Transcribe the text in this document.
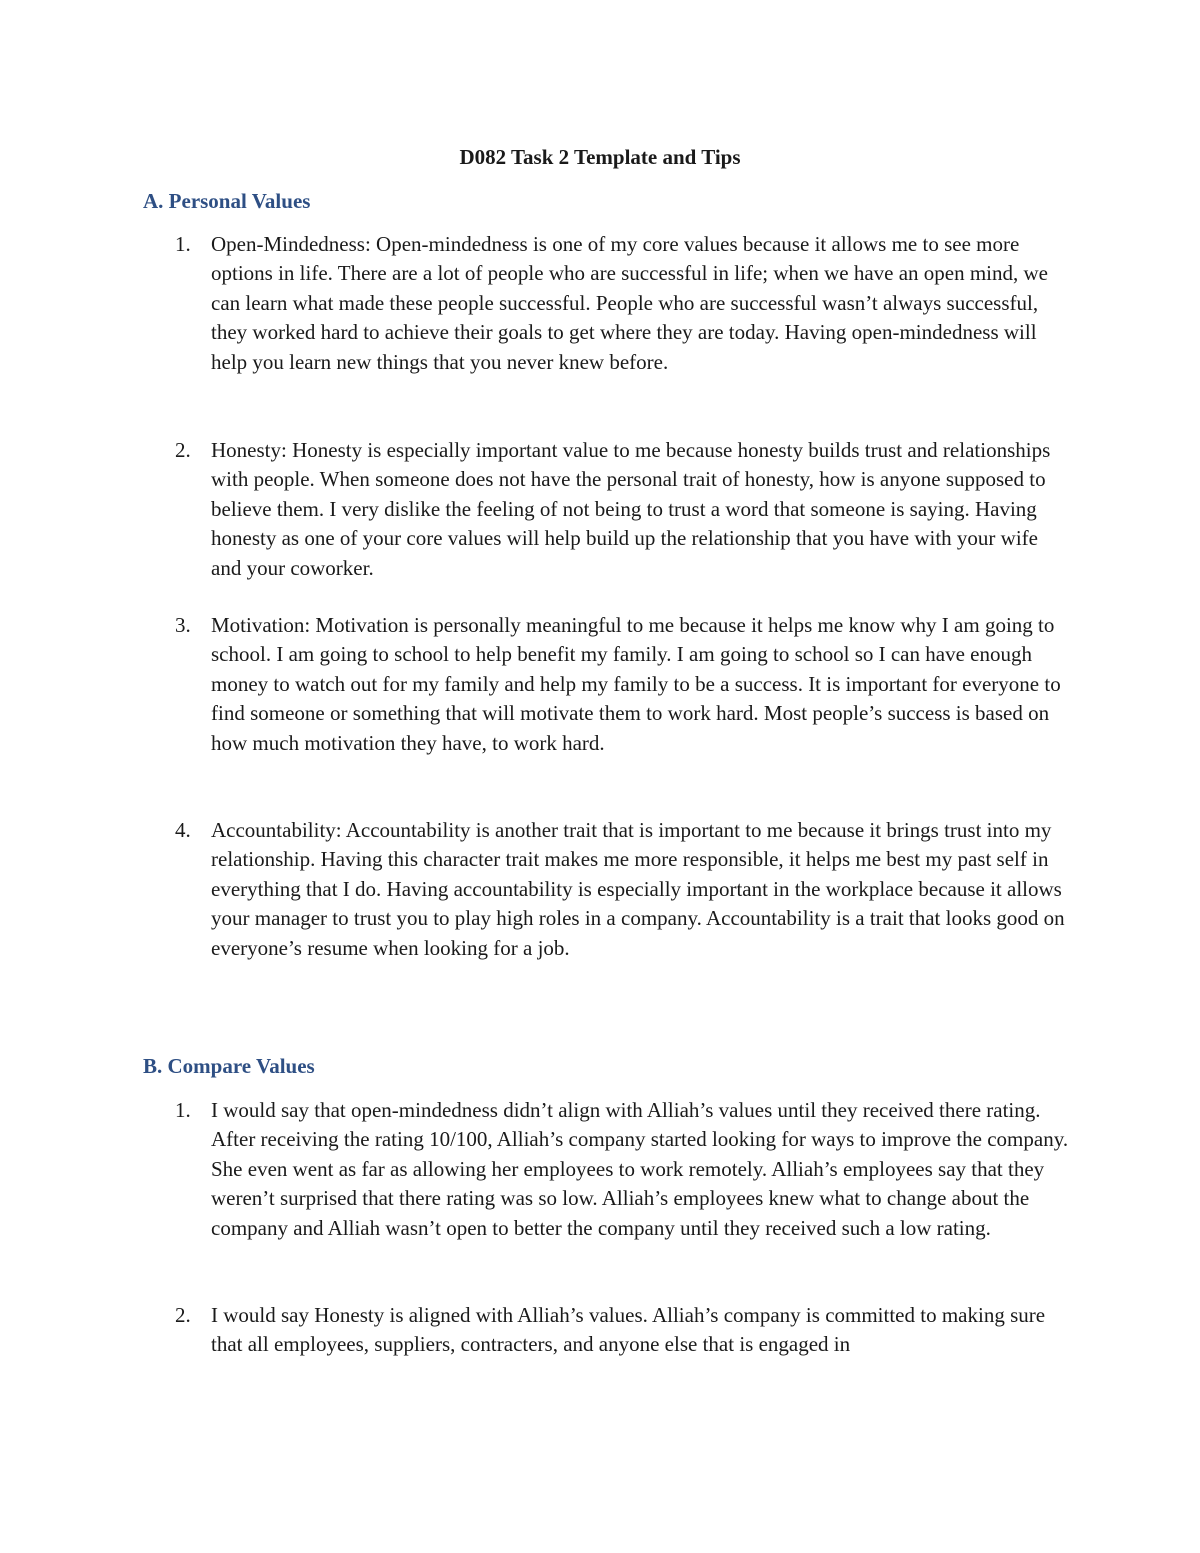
D082 Task 2 Template and Tips
A. Personal Values
1. Open-Mindedness: Open-mindedness is one of my core values because it allows me to see more options in life. There are a lot of people who are successful in life; when we have an open mind, we can learn what made these people successful. People who are successful wasn’t always successful, they worked hard to achieve their goals to get where they are today. Having open-mindedness will help you learn new things that you never knew before.
2. Honesty: Honesty is especially important value to me because honesty builds trust and relationships with people. When someone does not have the personal trait of honesty, how is anyone supposed to believe them. I very dislike the feeling of not being to trust a word that someone is saying. Having honesty as one of your core values will help build up the relationship that you have with your wife and your coworker.
3. Motivation: Motivation is personally meaningful to me because it helps me know why I am going to school. I am going to school to help benefit my family. I am going to school so I can have enough money to watch out for my family and help my family to be a success. It is important for everyone to find someone or something that will motivate them to work hard. Most people’s success is based on how much motivation they have, to work hard.
4. Accountability: Accountability is another trait that is important to me because it brings trust into my relationship. Having this character trait makes me more responsible, it helps me best my past self in everything that I do. Having accountability is especially important in the workplace because it allows your manager to trust you to play high roles in a company. Accountability is a trait that looks good on everyone’s resume when looking for a job.
B. Compare Values
1. I would say that open-mindedness didn’t align with Alliah’s values until they received there rating. After receiving the rating 10/100, Alliah’s company started looking for ways to improve the company. She even went as far as allowing her employees to work remotely. Alliah’s employees say that they weren’t surprised that there rating was so low. Alliah’s employees knew what to change about the company and Alliah wasn’t open to better the company until they received such a low rating.
2. I would say Honesty is aligned with Alliah’s values. Alliah’s company is committed to making sure that all employees, suppliers, contracters, and anyone else that is engaged in
